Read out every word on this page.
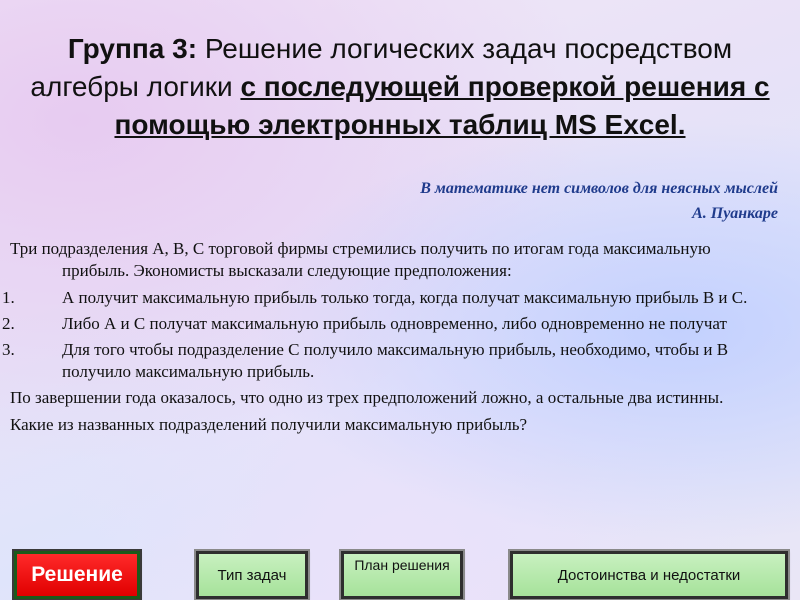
Группа 3: Решение логических задач посредством алгебры логики с последующей проверкой решения с помощью электронных таблиц MS Excel.
В математике нет символов для неясных мыслей
А. Пуанкаре

Три подразделения А, В, С торговой фирмы стремились получить по итогам года максимальную прибыль. Экономисты высказали следующие предположения:

1.	А получит максимальную прибыль только тогда, когда получат максимальную прибыль В и С.
2.	Либо А и С получат максимальную прибыль одновременно, либо одновременно не получат
3.	Для того чтобы подразделение С получило максимальную прибыль, необходимо, чтобы и В получило максимальную прибыль.

По завершении года оказалось, что одно из трех предположений ложно, а остальные два истинны.

Какие из названных подразделений получили максимальную прибыль?

Решение	Тип задач
План решения
Достоинства и недостатки
